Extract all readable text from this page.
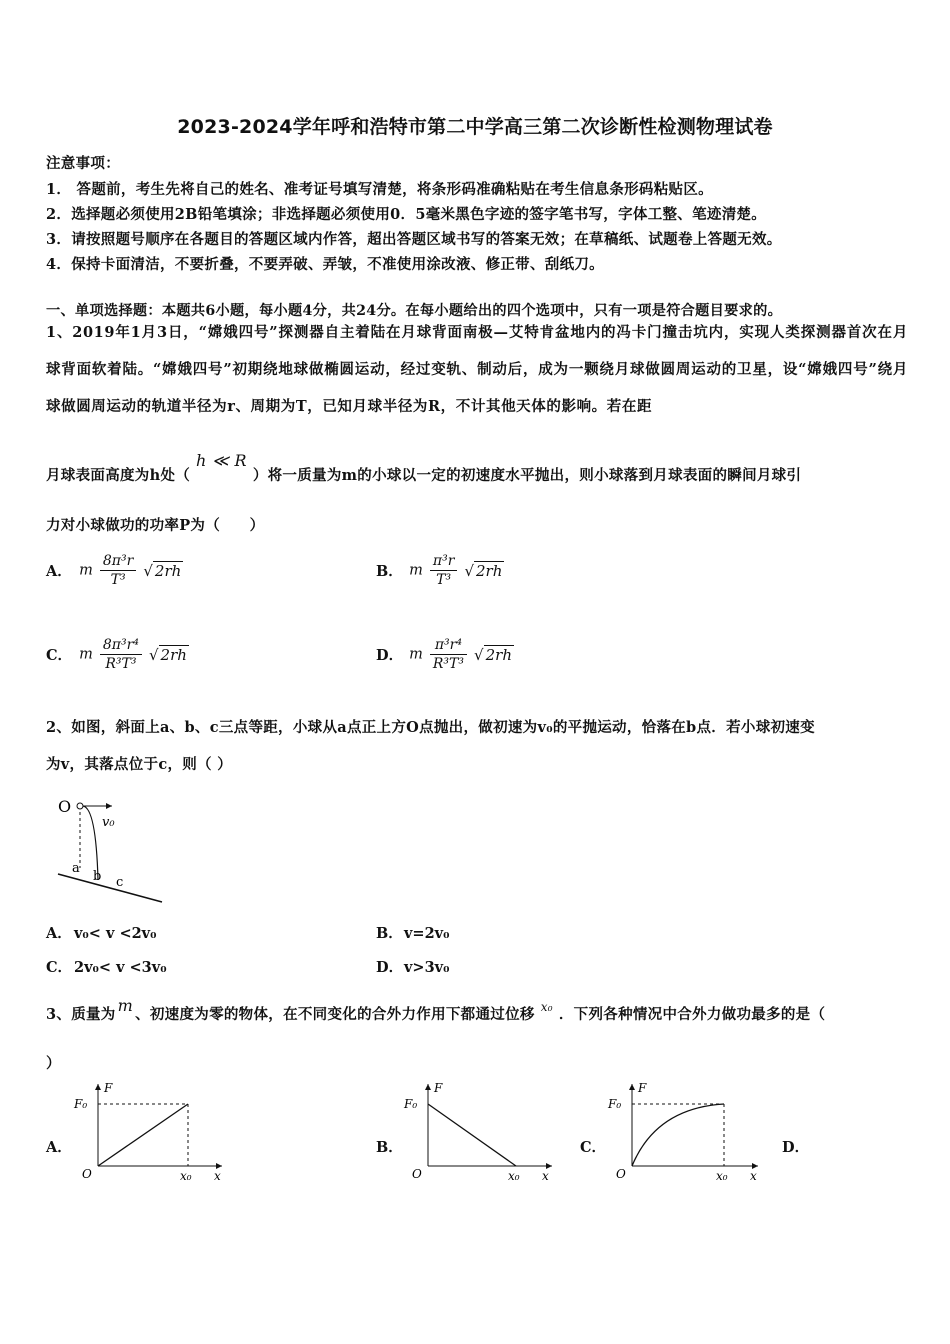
2023-2024学年呼和浩特市第二中学高三第二次诊断性检测物理试卷
注意事项：
1． 答题前，考生先将自己的姓名、准考证号填写清楚，将条形码准确粘贴在考生信息条形码粘贴区。
2．选择题必须使用2B铅笔填涂；非选择题必须使用0．5毫米黑色字迹的签字笔书写，字体工整、笔迹清楚。
3．请按照题号顺序在各题目的答题区域内作答，超出答题区域书写的答案无效；在草稿纸、试题卷上答题无效。
4．保持卡面清洁，不要折叠，不要弄破、弄皱，不准使用涂改液、修正带、刮纸刀。
一、单项选择题：本题共6小题，每小题4分，共24分。在每小题给出的四个选项中，只有一项是符合题目要求的。
1、2019年1月3日，“嫦娥四号”探测器自主着陆在月球背面南极—艾特肯盆地内的冯卡门撞击坑内，实现人类探测器首次在月球背面软着陆。“嫦娥四号”初期绕地球做椭圆运动，经过变轨、制动后，成为一颗绕月球做圆周运动的卫星，设“嫦娥四号”绕月球做圆周运动的轨道半径为r、周期为T，已知月球半径为R，不计其他天体的影响。若在距
月球表面高度为h处（h ≪ R）将一质量为m的小球以一定的初速度水平抛出，则小球落到月球表面的瞬间月球引
力对小球做功的功率P为（　　）
A． m $\frac{\text{8π³r}}{\text{T³}}$ √ 2rh	B． m $\frac{\text{π³r}}{\text{T³}}$ √ 2rh
C． m $\frac{\text{8π³r⁴}}{\text{R³T³}}$ √ 2rh	D． m $\frac{\text{π³r⁴}}{\text{R³T³}}$ √ 2rh
2、如图，斜面上a、b、c三点等距，小球从a点正上方O点抛出，做初速为v₀的平抛运动，恰落在b点．若小球初速变
为v，其落点位于c，则（ ）
O
v₀
a
b c
A． v₀< v <2v₀	B．v=2v₀
C． 2v₀< v <3v₀	D．v>3v₀
3、质量为 m 、初速度为零的物体，在不同变化的合外力作用下都通过位移 $^{x_0}$ ．下列各种情况中合外力做功最多的是（
）
A．
F
F₀
O	x₀ x
B．
F
F₀
O	x₀ x
C．
F
F₀
O	x₀ x
D．
